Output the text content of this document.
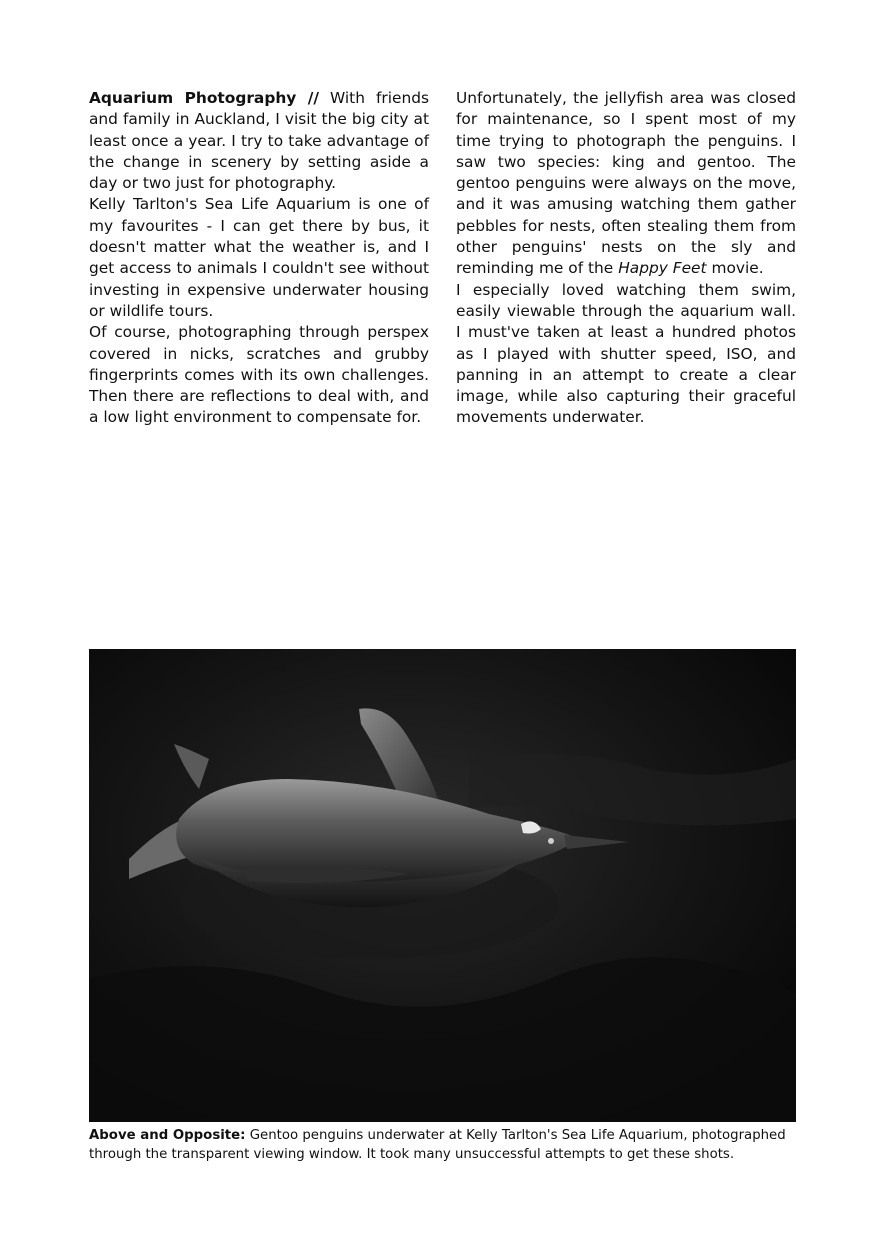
Aquarium Photography // With friends and family in Auckland, I visit the big city at least once a year. I try to take advantage of the change in scenery by setting aside a day or two just for photography.

Kelly Tarlton's Sea Life Aquarium is one of my favourites - I can get there by bus, it doesn't matter what the weather is, and I get access to animals I couldn't see without investing in expensive underwater housing or wildlife tours.

Of course, photographing through perspex covered in nicks, scratches and grubby fingerprints comes with its own challenges. Then there are reflections to deal with, and a low light environment to compensate for.

Unfortunately, the jellyfish area was closed for maintenance, so I spent most of my time trying to photograph the penguins. I saw two species: king and gentoo. The gentoo penguins were always on the move, and it was amusing watching them gather pebbles for nests, often stealing them from other penguins' nests on the sly and reminding me of the Happy Feet movie.

I especially loved watching them swim, easily viewable through the aquarium wall. I must've taken at least a hundred photos as I played with shutter speed, ISO, and panning in an attempt to create a clear image, while also capturing their graceful movements underwater.

Above and Opposite: Gentoo penguins underwater at Kelly Tarlton's Sea Life Aquarium, photographed through the transparent viewing window. It took many unsuccessful attempts to get these shots.
